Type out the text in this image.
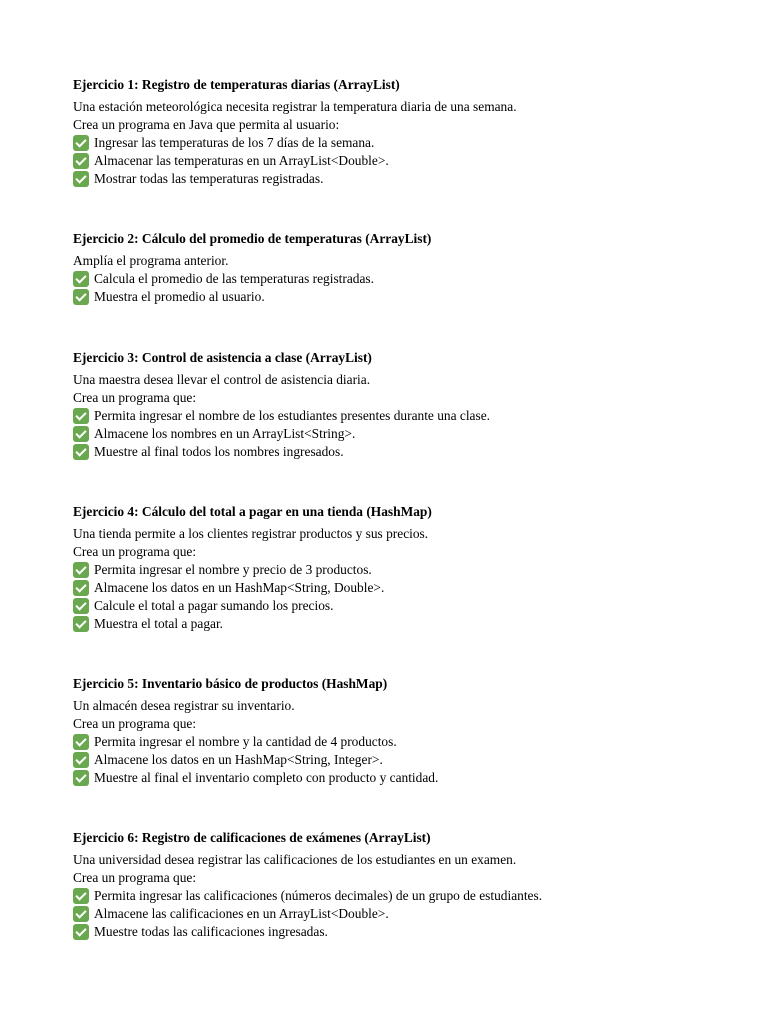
Ejercicio 1: Registro de temperaturas diarias (ArrayList)
Una estación meteorológica necesita registrar la temperatura diaria de una semana.
Crea un programa en Java que permita al usuario:
Ingresar las temperaturas de los 7 días de la semana.
Almacenar las temperaturas en un ArrayList<Double>.
Mostrar todas las temperaturas registradas.
Ejercicio 2: Cálculo del promedio de temperaturas (ArrayList)
Amplía el programa anterior.
Calcula el promedio de las temperaturas registradas.
Muestra el promedio al usuario.
Ejercicio 3: Control de asistencia a clase (ArrayList)
Una maestra desea llevar el control de asistencia diaria.
Crea un programa que:
Permita ingresar el nombre de los estudiantes presentes durante una clase.
Almacene los nombres en un ArrayList<String>.
Muestre al final todos los nombres ingresados.
Ejercicio 4: Cálculo del total a pagar en una tienda (HashMap)
Una tienda permite a los clientes registrar productos y sus precios.
Crea un programa que:
Permita ingresar el nombre y precio de 3 productos.
Almacene los datos en un HashMap<String, Double>.
Calcule el total a pagar sumando los precios.
Muestra el total a pagar.
Ejercicio 5: Inventario básico de productos (HashMap)
Un almacén desea registrar su inventario.
Crea un programa que:
Permita ingresar el nombre y la cantidad de 4 productos.
Almacene los datos en un HashMap<String, Integer>.
Muestre al final el inventario completo con producto y cantidad.
Ejercicio 6: Registro de calificaciones de exámenes (ArrayList)
Una universidad desea registrar las calificaciones de los estudiantes en un examen.
Crea un programa que:
Permita ingresar las calificaciones (números decimales) de un grupo de estudiantes.
Almacene las calificaciones en un ArrayList<Double>.
Muestre todas las calificaciones ingresadas.
